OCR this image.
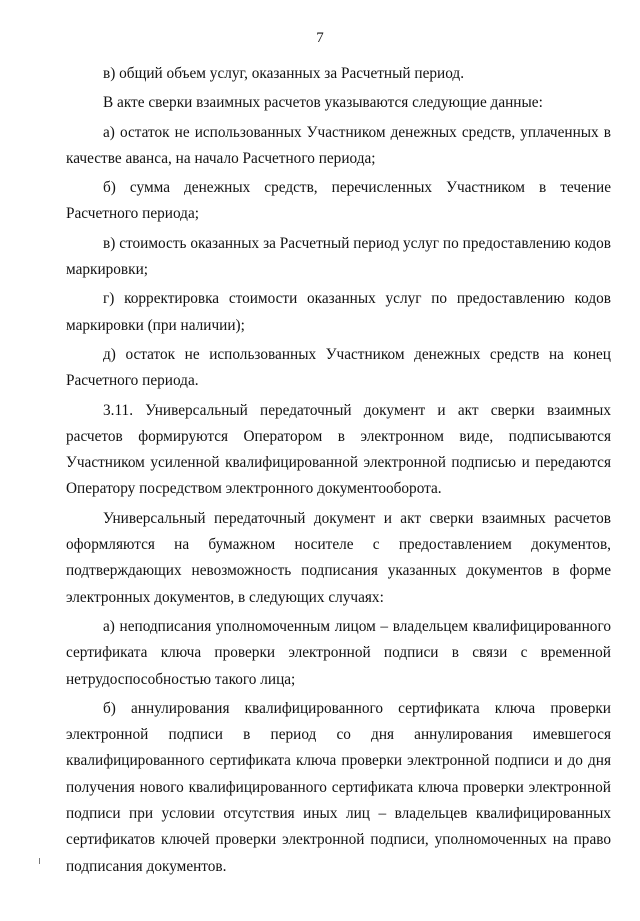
7

в) общий объем услуг, оказанных за Расчетный период.

В акте сверки взаимных расчетов указываются следующие данные:

а) остаток не использованных Участником денежных средств, уплаченных в качестве аванса, на начало Расчетного периода;

б) сумма денежных средств, перечисленных Участником в течение Расчетного периода;

в) стоимость оказанных за Расчетный период услуг по предоставлению кодов маркировки;

г) корректировка стоимости оказанных услуг по предоставлению кодов маркировки (при наличии);

д) остаток не использованных Участником денежных средств на конец Расчетного периода.

3.11. Универсальный передаточный документ и акт сверки взаимных расчетов формируются Оператором в электронном виде, подписываются Участником усиленной квалифицированной электронной подписью и передаются Оператору посредством электронного документооборота.

Универсальный передаточный документ и акт сверки взаимных расчетов оформляются на бумажном носителе с предоставлением документов, подтверждающих невозможность подписания указанных документов в форме электронных документов, в следующих случаях:

а) неподписания уполномоченным лицом – владельцем квалифицированного сертификата ключа проверки электронной подписи в связи с временной нетрудоспособностью такого лица;

б) аннулирования квалифицированного сертификата ключа проверки электронной подписи в период со дня аннулирования имевшегося квалифицированного сертификата ключа проверки электронной подписи и до дня получения нового квалифицированного сертификата ключа проверки электронной подписи при условии отсутствия иных лиц – владельцев квалифицированных сертификатов ключей проверки электронной подписи, уполномоченных на право подписания документов.
